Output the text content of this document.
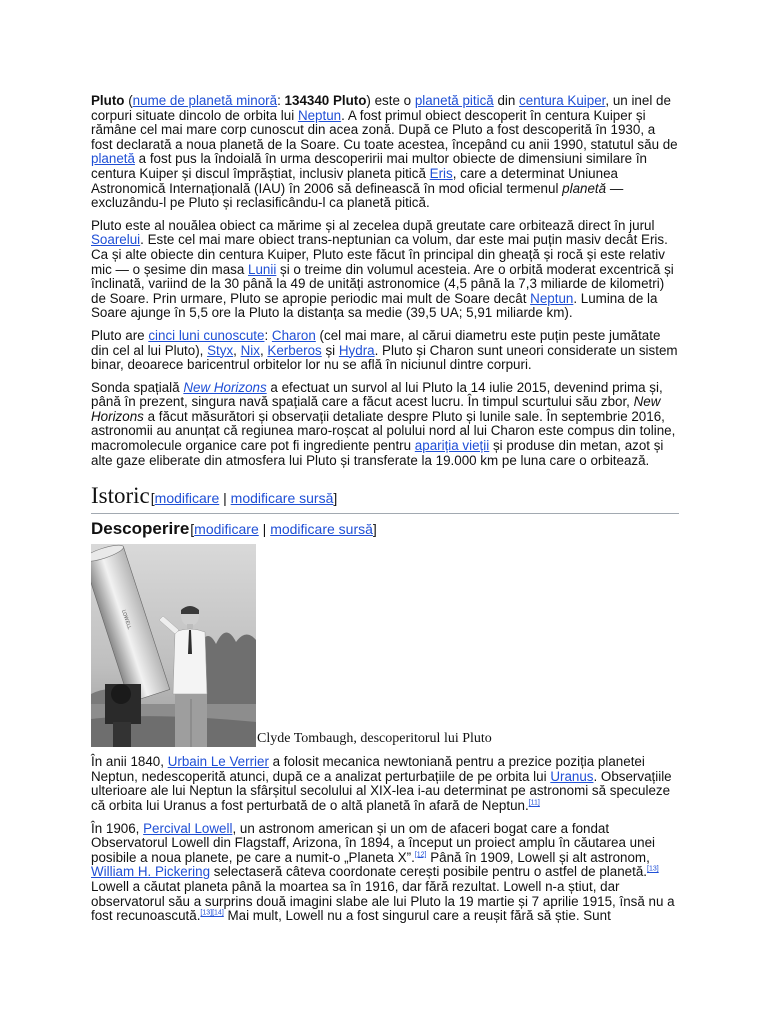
Pluto (nume de planetă minoră: 134340 Pluto) este o planetă pitică din centura Kuiper, un inel de corpuri situate dincolo de orbita lui Neptun. A fost primul obiect descoperit în centura Kuiper și rămâne cel mai mare corp cunoscut din acea zonă. După ce Pluto a fost descoperită în 1930, a fost declarată a noua planetă de la Soare. Cu toate acestea, începând cu anii 1990, statutul său de planetă a fost pus la îndoială în urma descoperirii mai multor obiecte de dimensiuni similare în centura Kuiper și discul împrăștiat, inclusiv planeta pitică Eris, care a determinat Uniunea Astronomică Internațională (IAU) în 2006 să definească în mod oficial termenul planetă — excluzându-l pe Pluto și reclasificându-l ca planetă pitică.

Pluto este al nouălea obiect ca mărime și al zecelea după greutate care orbitează direct în jurul Soarelui. Este cel mai mare obiect trans-neptunian ca volum, dar este mai puțin masiv decât Eris. Ca și alte obiecte din centura Kuiper, Pluto este făcut în principal din gheață și rocă și este relativ mic — o șesime din masa Lunii și o treime din volumul acesteia. Are o orbită moderat excentrică și înclinată, variind de la 30 până la 49 de unități astronomice (4,5 până la 7,3 miliarde de kilometri) de Soare. Prin urmare, Pluto se apropie periodic mai mult de Soare decât Neptun. Lumina de la Soare ajunge în 5,5 ore la Pluto la distanța sa medie (39,5 UA; 5,91 miliarde km).

Pluto are cinci luni cunoscute: Charon (cel mai mare, al cărui diametru este puțin peste jumătate din cel al lui Pluto), Styx, Nix, Kerberos și Hydra. Pluto și Charon sunt uneori considerate un sistem binar, deoarece baricentrul orbitelor lor nu se află în niciunul dintre corpuri.

Sonda spațială New Horizons a efectuat un survol al lui Pluto la 14 iulie 2015, devenind prima și, până în prezent, singura navă spațială care a făcut acest lucru. În timpul scurtului său zbor, New Horizons a făcut măsurători și observații detaliate despre Pluto și lunile sale. În septembrie 2016, astronomii au anunțat că regiunea maro-roșcat al polului nord al lui Charon este compus din toline, macromolecule organice care pot fi ingrediente pentru apariția vieții și produse din metan, azot și alte gaze eliberate din atmosfera lui Pluto și transferate la 19.000 km pe luna care o orbitează.

Istoric [modificare | modificare sursă]
Descoperire [modificare | modificare sursă]
LOWELL
Clyde Tombaugh, descoperitorul lui Pluto

În anii 1840, Urbain Le Verrier a folosit mecanica newtoniană pentru a prezice poziția planetei Neptun, nedescoperită atunci, după ce a analizat perturbațiile de pe orbita lui Uranus. Observațiile ulterioare ale lui Neptun la sfârșitul secolului al XIX-lea i-au determinat pe astronomi să speculeze că orbita lui Uranus a fost perturbată de o altă planetă în afară de Neptun.[11]

În 1906, Percival Lowell, un astronom american și un om de afaceri bogat care a fondat Observatorul Lowell din Flagstaff, Arizona, în 1894, a început un proiect amplu în căutarea unei posibile a noua planete, pe care a numit-o „Planeta X”.[12] Până în 1909, Lowell și alt astronom, William H. Pickering selectaseră câteva coordonate cerești posibile pentru o astfel de planetă.[13] Lowell a căutat planeta până la moartea sa în 1916, dar fără rezultat. Lowell n-a știut, dar observatorul său a surprins două imagini slabe ale lui Pluto la 19 martie și 7 aprilie 1915, însă nu a fost recunoascută.[13][14] Mai mult, Lowell nu a fost singurul care a reușit fără să știe. Sunt
